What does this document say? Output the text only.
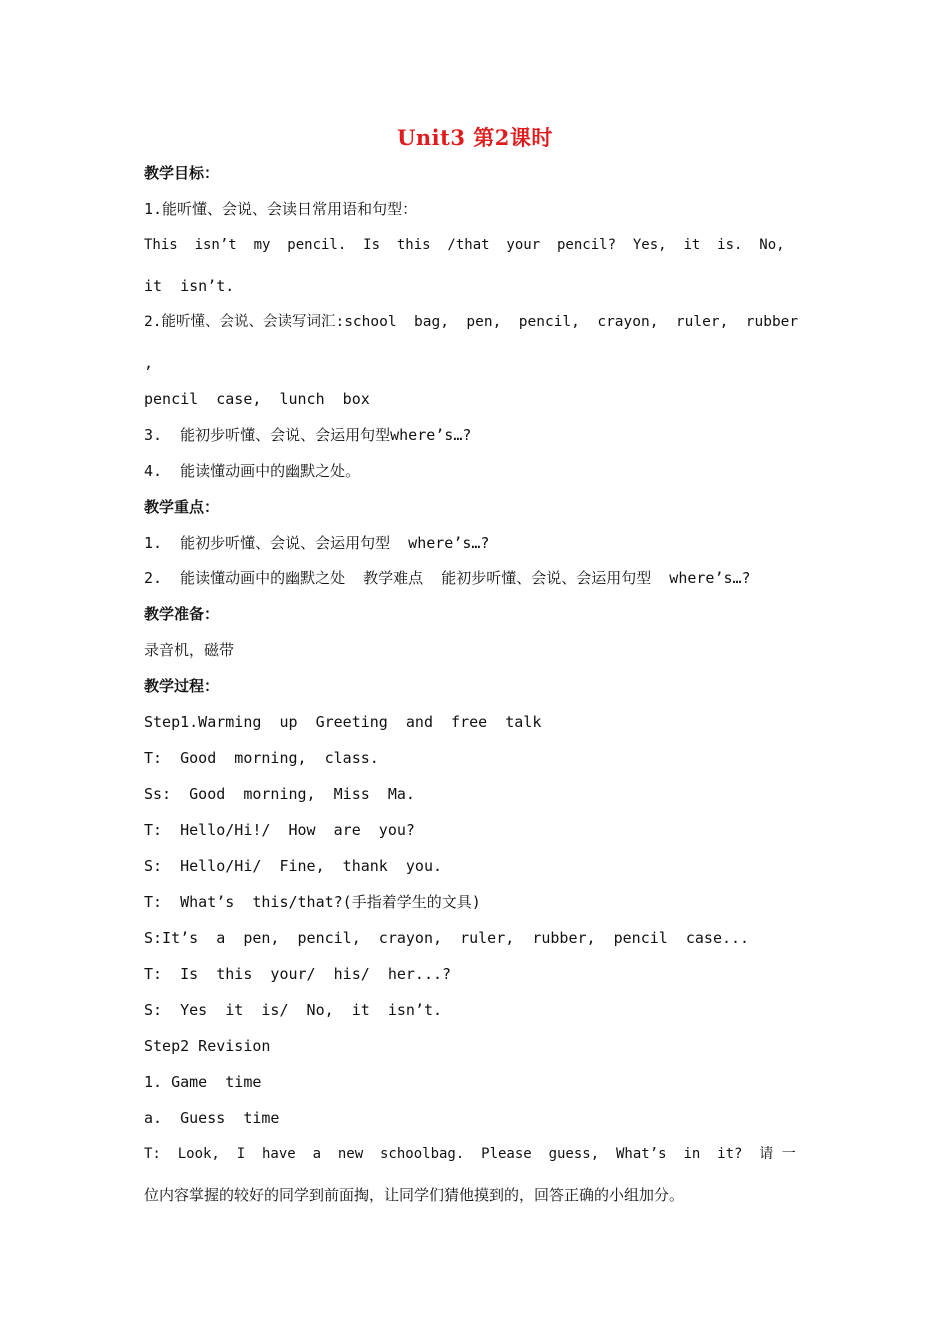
Unit3 第2课时
教学目标：
1.能听懂、会说、会读日常用语和句型：
This  isn’t  my  pencil.  Is  this  /that  your  pencil?  Yes,  it  is.  No,
it  isn’t.
2.能听懂、会说、会读写词汇:school  bag,  pen,  pencil,  crayon,  ruler,  rubber
,
pencil  case,  lunch  box
3.  能初步听懂、会说、会运用句型where’s…?
4.  能读懂动画中的幽默之处。
教学重点：
1.  能初步听懂、会说、会运用句型  where’s…?
2.  能读懂动画中的幽默之处  教学难点  能初步听懂、会说、会运用句型  where’s…?
教学准备：
录音机，磁带
教学过程：
Step1.Warming  up  Greeting  and  free  talk
T:  Good  morning,  class.
Ss:  Good  morning,  Miss  Ma.
T:  Hello/Hi!/  How  are  you?
S:  Hello/Hi/  Fine,  thank  you.
T:  What’s  this/that?(手指着学生的文具)
S:It’s  a  pen,  pencil,  crayon,  ruler,  rubber,  pencil  case...
T:  Is  this  your/  his/  her...?
S:  Yes  it  is/  No,  it  isn’t.
Step2 Revision
1. Game  time
a.  Guess  time
T:  Look,  I  have  a  new  schoolbag.  Please  guess,  What’s  in  it?  请 一
位内容掌握的较好的同学到前面掏，让同学们猜他摸到的，回答正确的小组加分。
